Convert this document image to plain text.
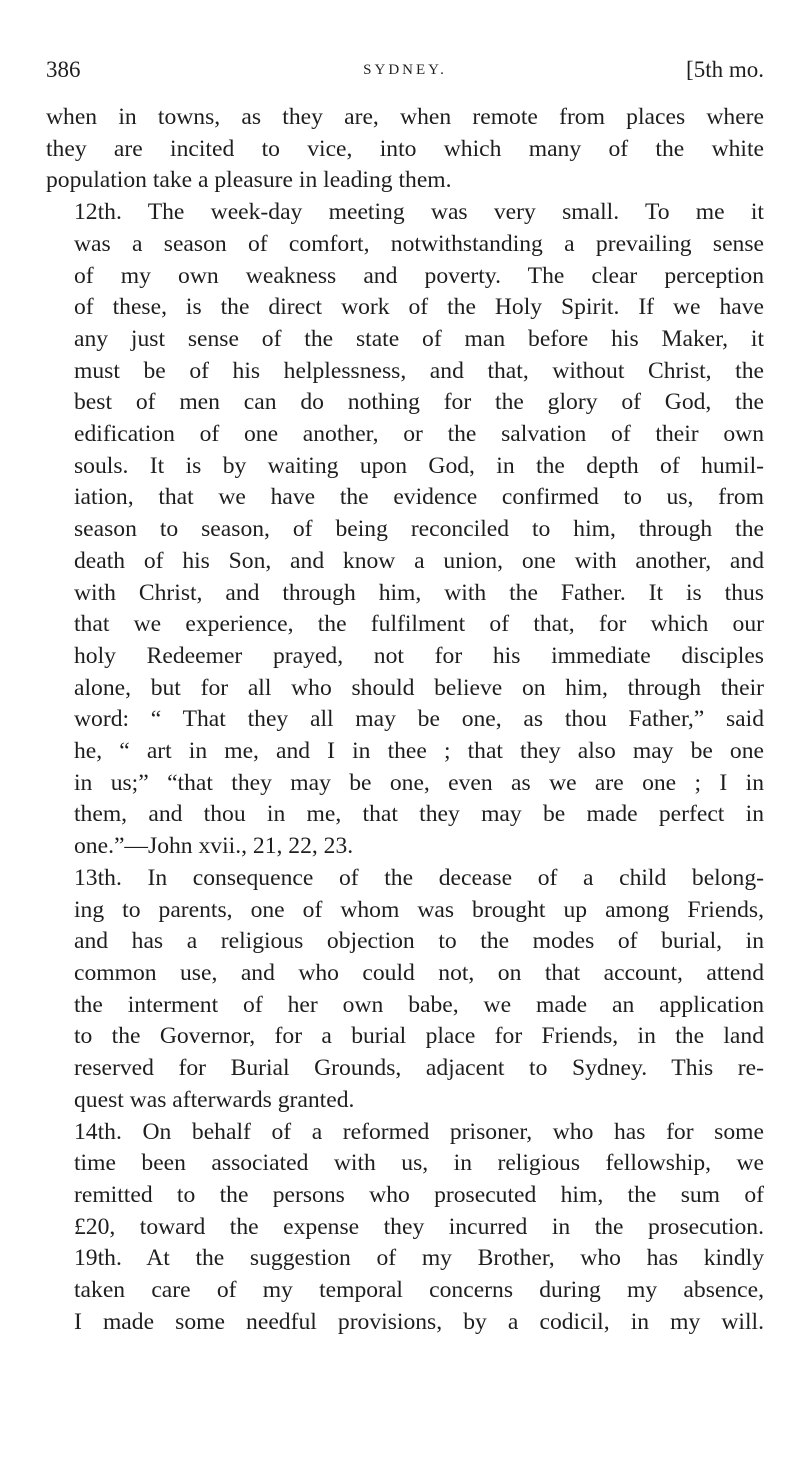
386	SYDNEY.	[5th mo.

when in towns, as they are, when remote from places where
they are incited to vice, into which many of the white
population take a pleasure in leading them.

12th. The week-day meeting was very small. To me it
was a season of comfort, notwithstanding a prevailing sense
of my own weakness and poverty. The clear perception
of these, is the direct work of the Holy Spirit. If we have
any just sense of the state of man before his Maker, it
must be of his helplessness, and that, without Christ, the
best of men can do nothing for the glory of God, the
edification of one another, or the salvation of their own
souls. It is by waiting upon God, in the depth of humil-
iation, that we have the evidence confirmed to us, from
season to season, of being reconciled to him, through the
death of his Son, and know a union, one with another, and
with Christ, and through him, with the Father. It is thus
that we experience, the fulfilment of that, for which our
holy Redeemer prayed, not for his immediate disciples
alone, but for all who should believe on him, through their
word: “ That they all may be one, as thou Father,” said
he, “ art in me, and I in thee ; that they also may be one
in us;” “that they may be one, even as we are one ; I in
them, and thou in me, that they may be made perfect in
one.”—John xvii., 21, 22, 23.

13th. In consequence of the decease of a child belong-
ing to parents, one of whom was brought up among Friends,
and has a religious objection to the modes of burial, in
common use, and who could not, on that account, attend
the interment of her own babe, we made an application
to the Governor, for a burial place for Friends, in the land
reserved for Burial Grounds, adjacent to Sydney. This re-
quest was afterwards granted.

14th. On behalf of a reformed prisoner, who has for some
time been associated with us, in religious fellowship, we
remitted to the persons who prosecuted him, the sum of
£20, toward the expense they incurred in the prosecution.

19th. At the suggestion of my Brother, who has kindly
taken care of my temporal concerns during my absence,
I made some needful provisions, by a codicil, in my will.
